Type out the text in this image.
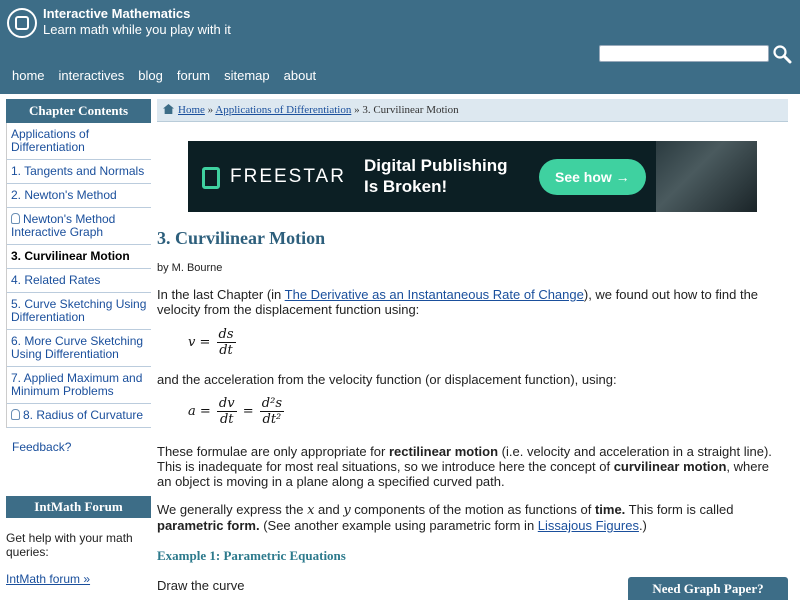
Interactive Mathematics
Learn math while you play with it
home interactives blog forum sitemap about
Chapter Contents
Applications of Differentiation
1. Tangents and Normals
2. Newton's Method
Newton's Method Interactive Graph
3. Curvilinear Motion
4. Related Rates
5. Curve Sketching Using Differentiation
6. More Curve Sketching Using Differentiation
7. Applied Maximum and Minimum Problems
8. Radius of Curvature
Feedback?
IntMath Forum
Get help with your math queries:
IntMath forum »
Home » Applications of Differentiation » 3. Curvilinear Motion
FREESTAR
Digital Publishing Is Broken!	See how →
3. Curvilinear Motion
by M. Bourne

In the last Chapter (in The Derivative as an Instantaneous Rate of Change), we found out how to find the velocity from the displacement function using:

$v = \frac{ds}{dt}$

and the acceleration from the velocity function (or displacement function), using:

$a = \frac{dv}{dt} = \frac{\text{d²s}}{\text{dt²}}$

These formulae are only appropriate for rectilinear motion (i.e. velocity and acceleration in a straight line). This is inadequate for most real situations, so we introduce here the concept of curvilinear motion, where an object is moving in a plane along a specified curved path.

We generally express the x and y components of the motion as functions of time. This form is called parametric form. (See another example using parametric form in Lissajous Figures.)

Example 1: Parametric Equations

Draw the curve	Need Graph Paper?
